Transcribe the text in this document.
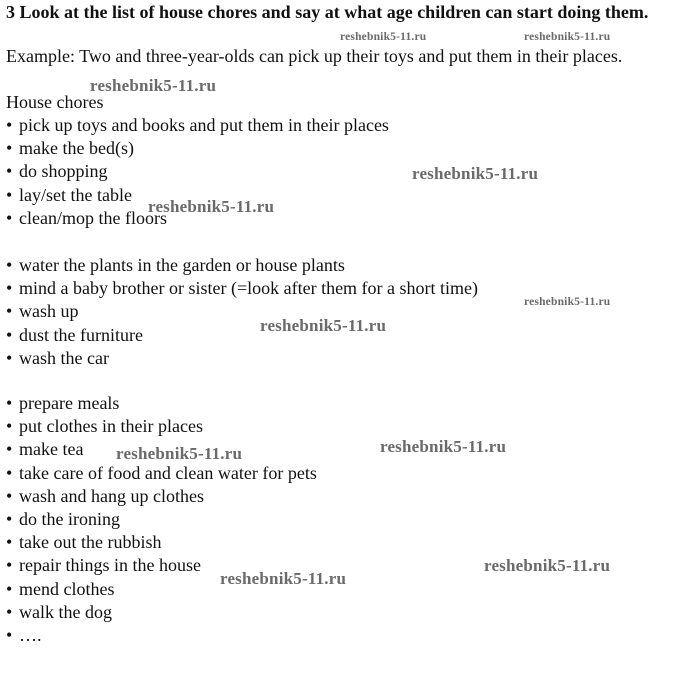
3 Look at the list of house chores and say at what age children can start doing them.

Example: Two and three-year-olds can pick up their toys and put them in their places.

House chores

• pick up toys and books and put them in their places
• make the bed(s)
• do shopping
• lay/set the table
• clean/mop the floors
• water the plants in the garden or house plants
• mind a baby brother or sister (=look after them for a short time)
• wash up
• dust the furniture
• wash the car
• prepare meals
• put clothes in their places
• make tea
• take care of food and clean water for pets
• wash and hang up clothes
• do the ironing
• take out the rubbish
• repair things in the house
• mend clothes
• walk the dog
• ….
reshebnik5-11.ru	reshebnik5-11.ru
reshebnik5-11.ru
reshebnik5-11.ru
reshebnik5-11.ru
reshebnik5-11.ru
reshebnik5-11.ru
reshebnik5-11.ru
reshebnik5-11.ru
reshebnik5-11.ru
reshebnik5-11.ru
